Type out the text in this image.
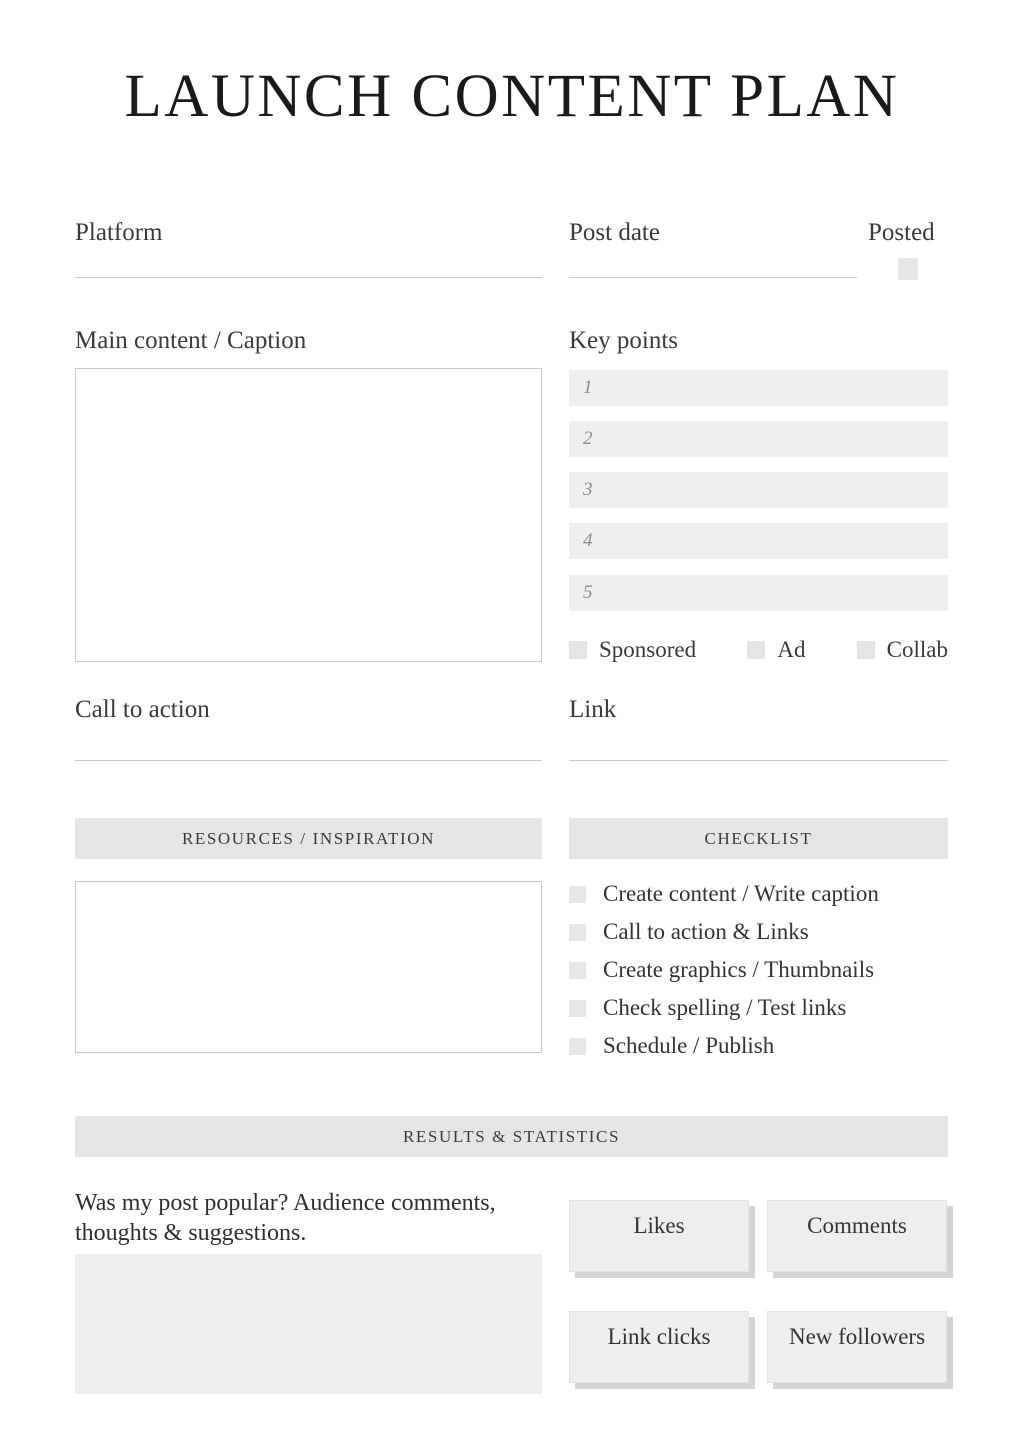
LAUNCH CONTENT PLAN
Platform	Post date	Posted
Main content / Caption	Key points
1
2
3
4
5
Sponsored	Ad	Collab
Call to action	Link
RESOURCES / INSPIRATION	CHECKLIST
Create content / Write caption
Call to action & Links
Create graphics / Thumbnails
Check spelling / Test links
Schedule / Publish
RESULTS & STATISTICS
Was my post popular? Audience comments, thoughts & suggestions.	Likes	Comments
Link clicks	New followers
